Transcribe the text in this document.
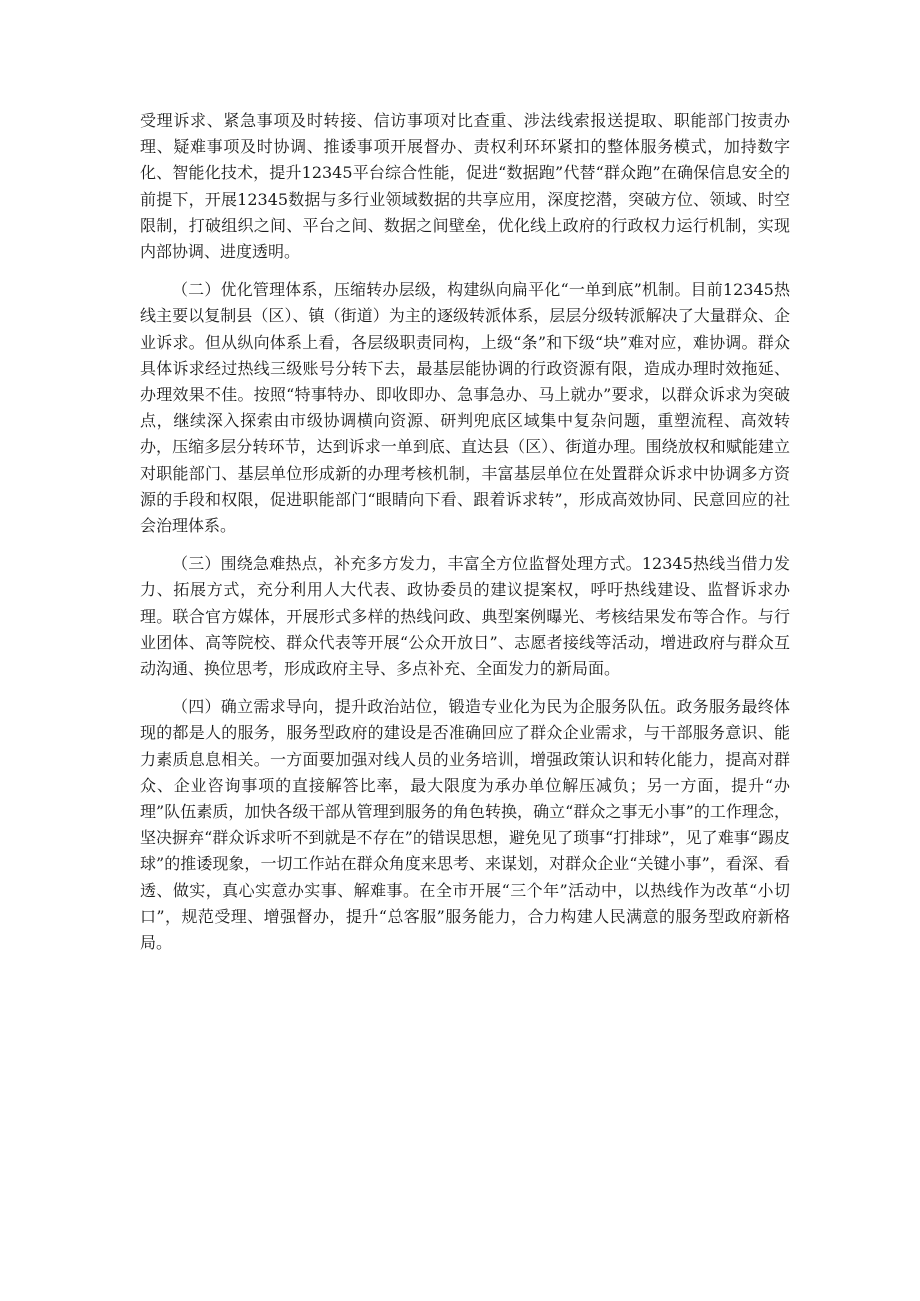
受理诉求、紧急事项及时转接、信访事项对比查重、涉法线索报送提取、职能部门按责办理、疑难事项及时协调、推诿事项开展督办、责权利环环紧扣的整体服务模式，加持数字化、智能化技术，提升12345平台综合性能，促进“数据跑”代替“群众跑”在确保信息安全的前提下，开展12345数据与多行业领域数据的共享应用，深度挖潜，突破方位、领域、时空限制，打破组织之间、平台之间、数据之间壁垒，优化线上政府的行政权力运行机制，实现内部协调、进度透明。

（二）优化管理体系，压缩转办层级，构建纵向扁平化“一单到底”机制。目前12345热线主要以复制县（区）、镇（街道）为主的逐级转派体系，层层分级转派解决了大量群众、企业诉求。但从纵向体系上看，各层级职责同构，上级“条”和下级“块”难对应，难协调。群众具体诉求经过热线三级账号分转下去，最基层能协调的行政资源有限，造成办理时效拖延、办理效果不佳。按照“特事特办、即收即办、急事急办、马上就办”要求，以群众诉求为突破点，继续深入探索由市级协调横向资源、研判兜底区域集中复杂问题，重塑流程、高效转办，压缩多层分转环节，达到诉求一单到底、直达县（区）、街道办理。围绕放权和赋能建立对职能部门、基层单位形成新的办理考核机制，丰富基层单位在处置群众诉求中协调多方资源的手段和权限，促进职能部门“眼睛向下看、跟着诉求转”，形成高效协同、民意回应的社会治理体系。

（三）围绕急难热点，补充多方发力，丰富全方位监督处理方式。12345热线当借力发力、拓展方式，充分利用人大代表、政协委员的建议提案权，呼吁热线建设、监督诉求办理。联合官方媒体，开展形式多样的热线问政、典型案例曝光、考核结果发布等合作。与行业团体、高等院校、群众代表等开展“公众开放日”、志愿者接线等活动，增进政府与群众互动沟通、换位思考，形成政府主导、多点补充、全面发力的新局面。

（四）确立需求导向，提升政治站位，锻造专业化为民为企服务队伍。政务服务最终体现的都是人的服务，服务型政府的建设是否准确回应了群众企业需求，与干部服务意识、能力素质息息相关。一方面要加强对线人员的业务培训，增强政策认识和转化能力，提高对群众、企业咨询事项的直接解答比率，最大限度为承办单位解压减负；另一方面，提升“办理”队伍素质，加快各级干部从管理到服务的角色转换，确立“群众之事无小事”的工作理念，坚决摒弃“群众诉求听不到就是不存在”的错误思想，避免见了琐事“打排球”，见了难事“踢皮球”的推诿现象，一切工作站在群众角度来思考、来谋划，对群众企业“关键小事”，看深、看透、做实，真心实意办实事、解难事。在全市开展“三个年”活动中，以热线作为改革“小切口”，规范受理、增强督办，提升“总客服”服务能力，合力构建人民满意的服务型政府新格局。
